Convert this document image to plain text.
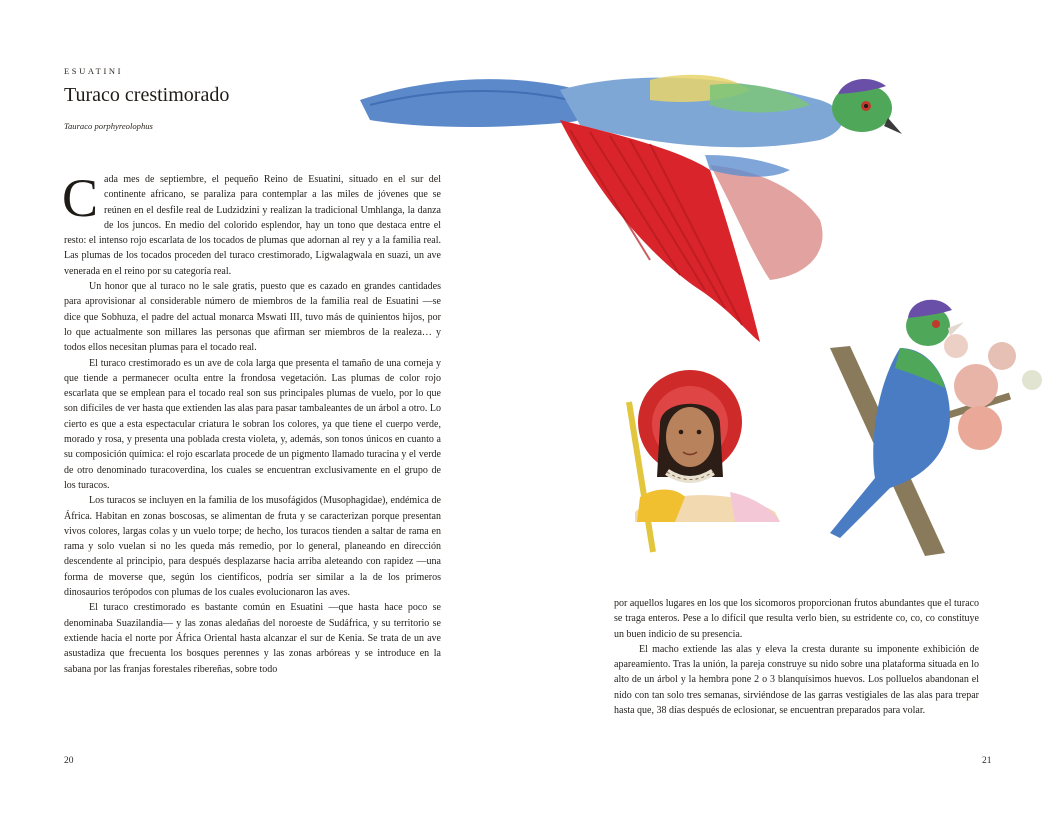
ESUATINI
Turaco crestimorado
Tauraco porphyreolophus

Cada mes de septiembre, el pequeño Reino de Esuatini, situado en el sur del continente africano, se paraliza para contemplar a las miles de jóvenes que se reúnen en el desfile real de Ludzidzini y realizan la tradicional Umhlanga, la danza de los juncos. En medio del colorido esplendor, hay un tono que destaca entre el resto: el intenso rojo escarlata de los tocados de plumas que adornan al rey y a la familia real. Las plumas de los tocados proceden del turaco crestimorado, Ligwalagwala en suazi, un ave venerada en el reino por su categoría real.

Un honor que al turaco no le sale gratis, puesto que es cazado en grandes cantidades para aprovisionar al considerable número de miembros de la familia real de Esuatini —se dice que Sobhuza, el padre del actual monarca Mswati III, tuvo más de quinientos hijos, por lo que actualmente son millares las personas que afirman ser miembros de la realeza… y todos ellos necesitan plumas para el tocado real.

El turaco crestimorado es un ave de cola larga que presenta el tamaño de una corneja y que tiende a permanecer oculta entre la frondosa vegetación. Las plumas de color rojo escarlata que se emplean para el tocado real son sus principales plumas de vuelo, por lo que son difíciles de ver hasta que extienden las alas para pasar tambaleantes de un árbol a otro. Lo cierto es que a esta espectacular criatura le sobran los colores, ya que tiene el cuerpo verde, morado y rosa, y presenta una poblada cresta violeta, y, además, son tonos únicos en cuanto a su composición química: el rojo escarlata procede de un pigmento llamado turacina y el verde de otro denominado turacoverdina, los cuales se encuentran exclusivamente en el grupo de los turacos.

Los turacos se incluyen en la familia de los musofágidos (Musophagidae), endémica de África. Habitan en zonas boscosas, se alimentan de fruta y se caracterizan porque presentan vivos colores, largas colas y un vuelo torpe; de hecho, los turacos tienden a saltar de rama en rama y solo vuelan si no les queda más remedio, por lo general, planeando en dirección descendente al principio, para después desplazarse hacia arriba aleteando con rapidez —una forma de moverse que, según los científicos, podría ser similar a la de los primeros dinosaurios terópodos con plumas de los cuales evolucionaron las aves.

El turaco crestimorado es bastante común en Esuatini —que hasta hace poco se denominaba Suazilandia— y las zonas aledañas del noroeste de Sudáfrica, y su territorio se extiende hacia el norte por África Oriental hasta alcanzar el sur de Kenia. Se trata de un ave asustadiza que frecuenta los bosques perennes y las zonas arbóreas y se introduce en la sabana por las franjas forestales ribereñas, sobre todo

20

por aquellos lugares en los que los sicomoros proporcionan frutos abundantes que el turaco se traga enteros. Pese a lo difícil que resulta verlo bien, su estridente co, co, co constituye un buen indicio de su presencia.

El macho extiende las alas y eleva la cresta durante su imponente exhibición de apareamiento. Tras la unión, la pareja construye su nido sobre una plataforma situada en lo alto de un árbol y la hembra pone 2 o 3 blanquísimos huevos. Los polluelos abandonan el nido con tan solo tres semanas, sirviéndose de las garras vestigiales de las alas para trepar hasta que, 38 días después de eclosionar, se encuentran preparados para volar.

21
